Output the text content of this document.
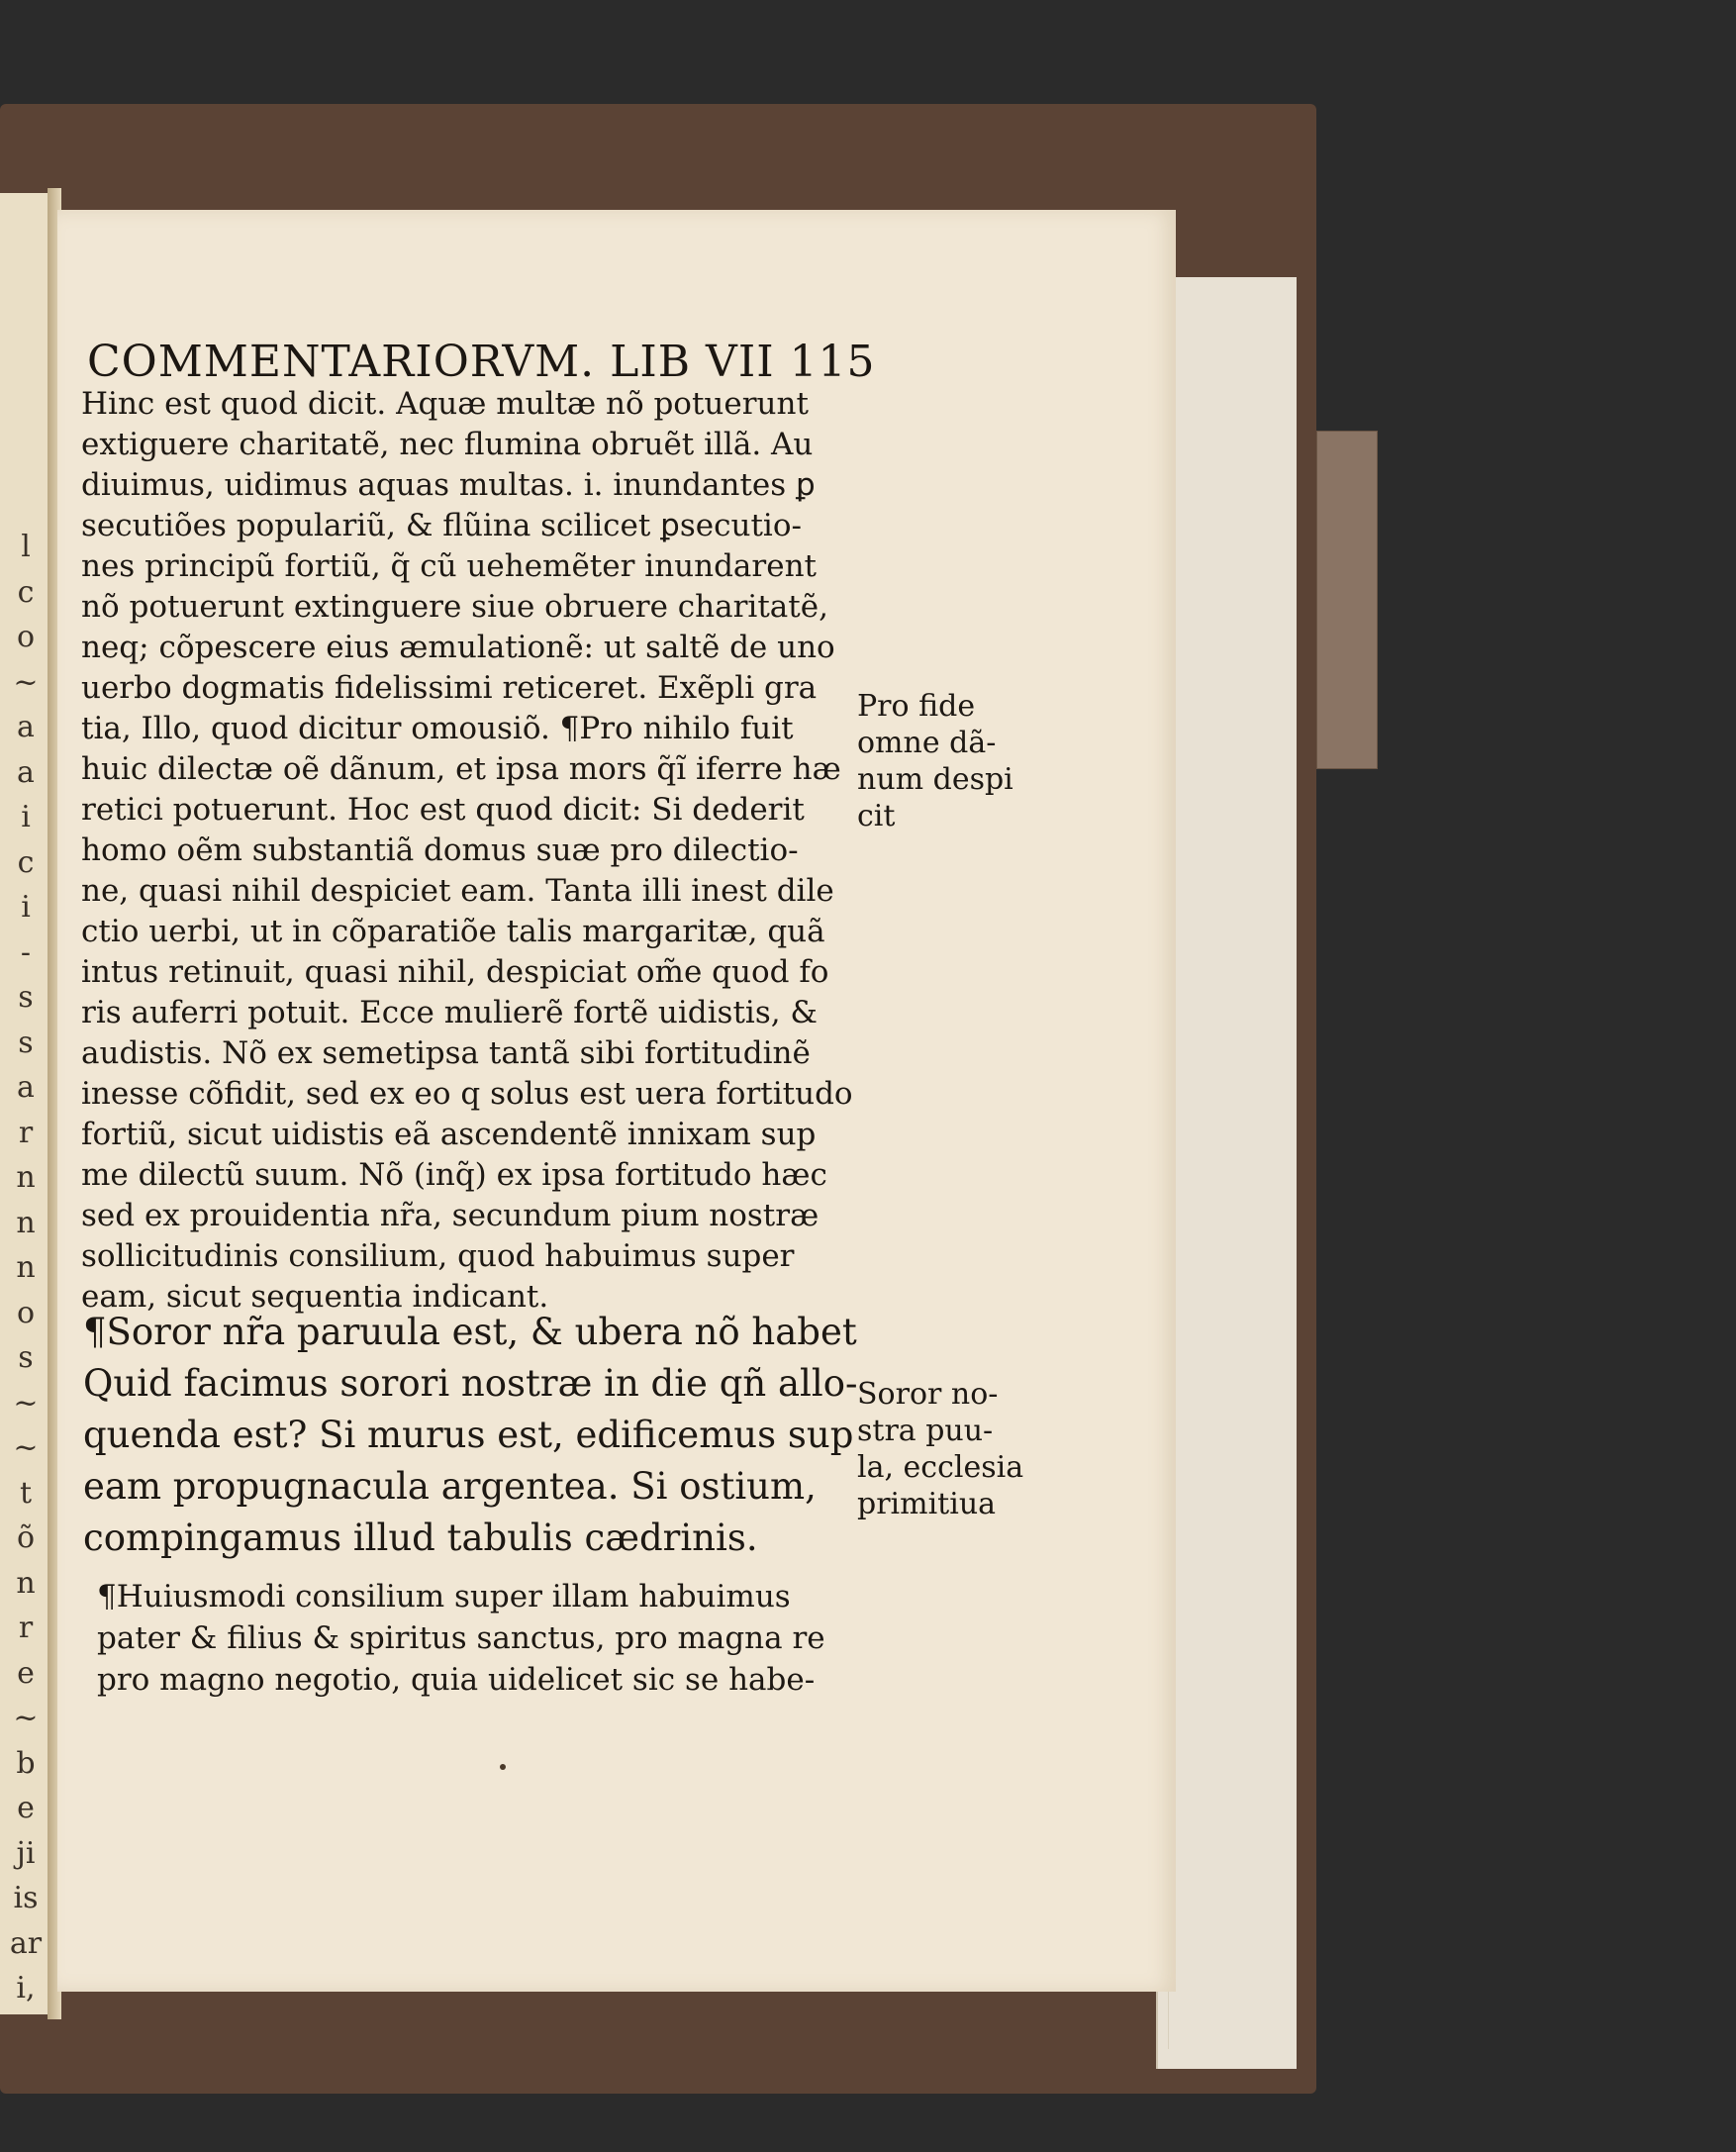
l
c
o
~
a
a
i
c
i
-
s
s
a
r
n
n
n
o
s
~
~
t
õ
n
r
e
~
b
e
ji
is
ar
i,
COMMENTARIORVM. LIB VII 115
Hinc est quod dicit. Aquæ multæ nõ potuerunt
extiguere charitatẽ, nec flumina obruẽt illã. Au
diuimus, uidimus aquas multas. i. inundantes ꝑ
secutiões populariũ, & flũina scilicet ꝑsecutio-
nes principũ fortiũ, q̃ cũ uehemẽter inundarent
nõ potuerunt extinguere siue obruere charitatẽ,
neq; cõpescere eius æmulationẽ: ut saltẽ de uno
uerbo dogmatis fidelissimi reticeret. Exẽpli gra
tia, Illo, quod dicitur omousiõ. ¶Pro nihilo fuit
huic dilectæ oẽ dãnum, et ipsa mors q̃ı̃ iferre hæ
retici potuerunt. Hoc est quod dicit: Si dederit
homo oẽm substantiã domus suæ pro dilectio-
ne, quasi nihil despiciet eam. Tanta illi inest dile
ctio uerbi, ut in cõparatiõe talis margaritæ, quã
intus retinuit, quasi nihil, despiciat om̃e quod fo
ris auferri potuit. Ecce mulierẽ fortẽ uidistis, &
audistis. Nõ ex semetipsa tantã sibi fortitudinẽ
inesse cõfidit, sed ex eo q solus est uera fortitudo
fortiũ, sicut uidistis eã ascendentẽ innixam sup
me dilectũ suum. Nõ (inq̃) ex ipsa fortitudo hæc
sed ex prouidentia nr̃a, secundum pium nostræ
sollicitudinis consilium, quod habuimus super
eam, sicut sequentia indicant.
¶Soror nr̃a paruula est, & ubera nõ habet
Quid facimus sorori nostræ in die qñ allo-
quenda est? Si murus est, edificemus sup
eam propugnacula argentea. Si ostium,
compingamus illud tabulis cædrinis.
¶Huiusmodi consilium super illam habuimus
pater & filius & spiritus sanctus, pro magna re
pro magno negotio, quia uidelicet sic se habe-
Pro fide
omne dã-
num despi
cit
Soror no-
stra puu-
la, ecclesia
primitiua
